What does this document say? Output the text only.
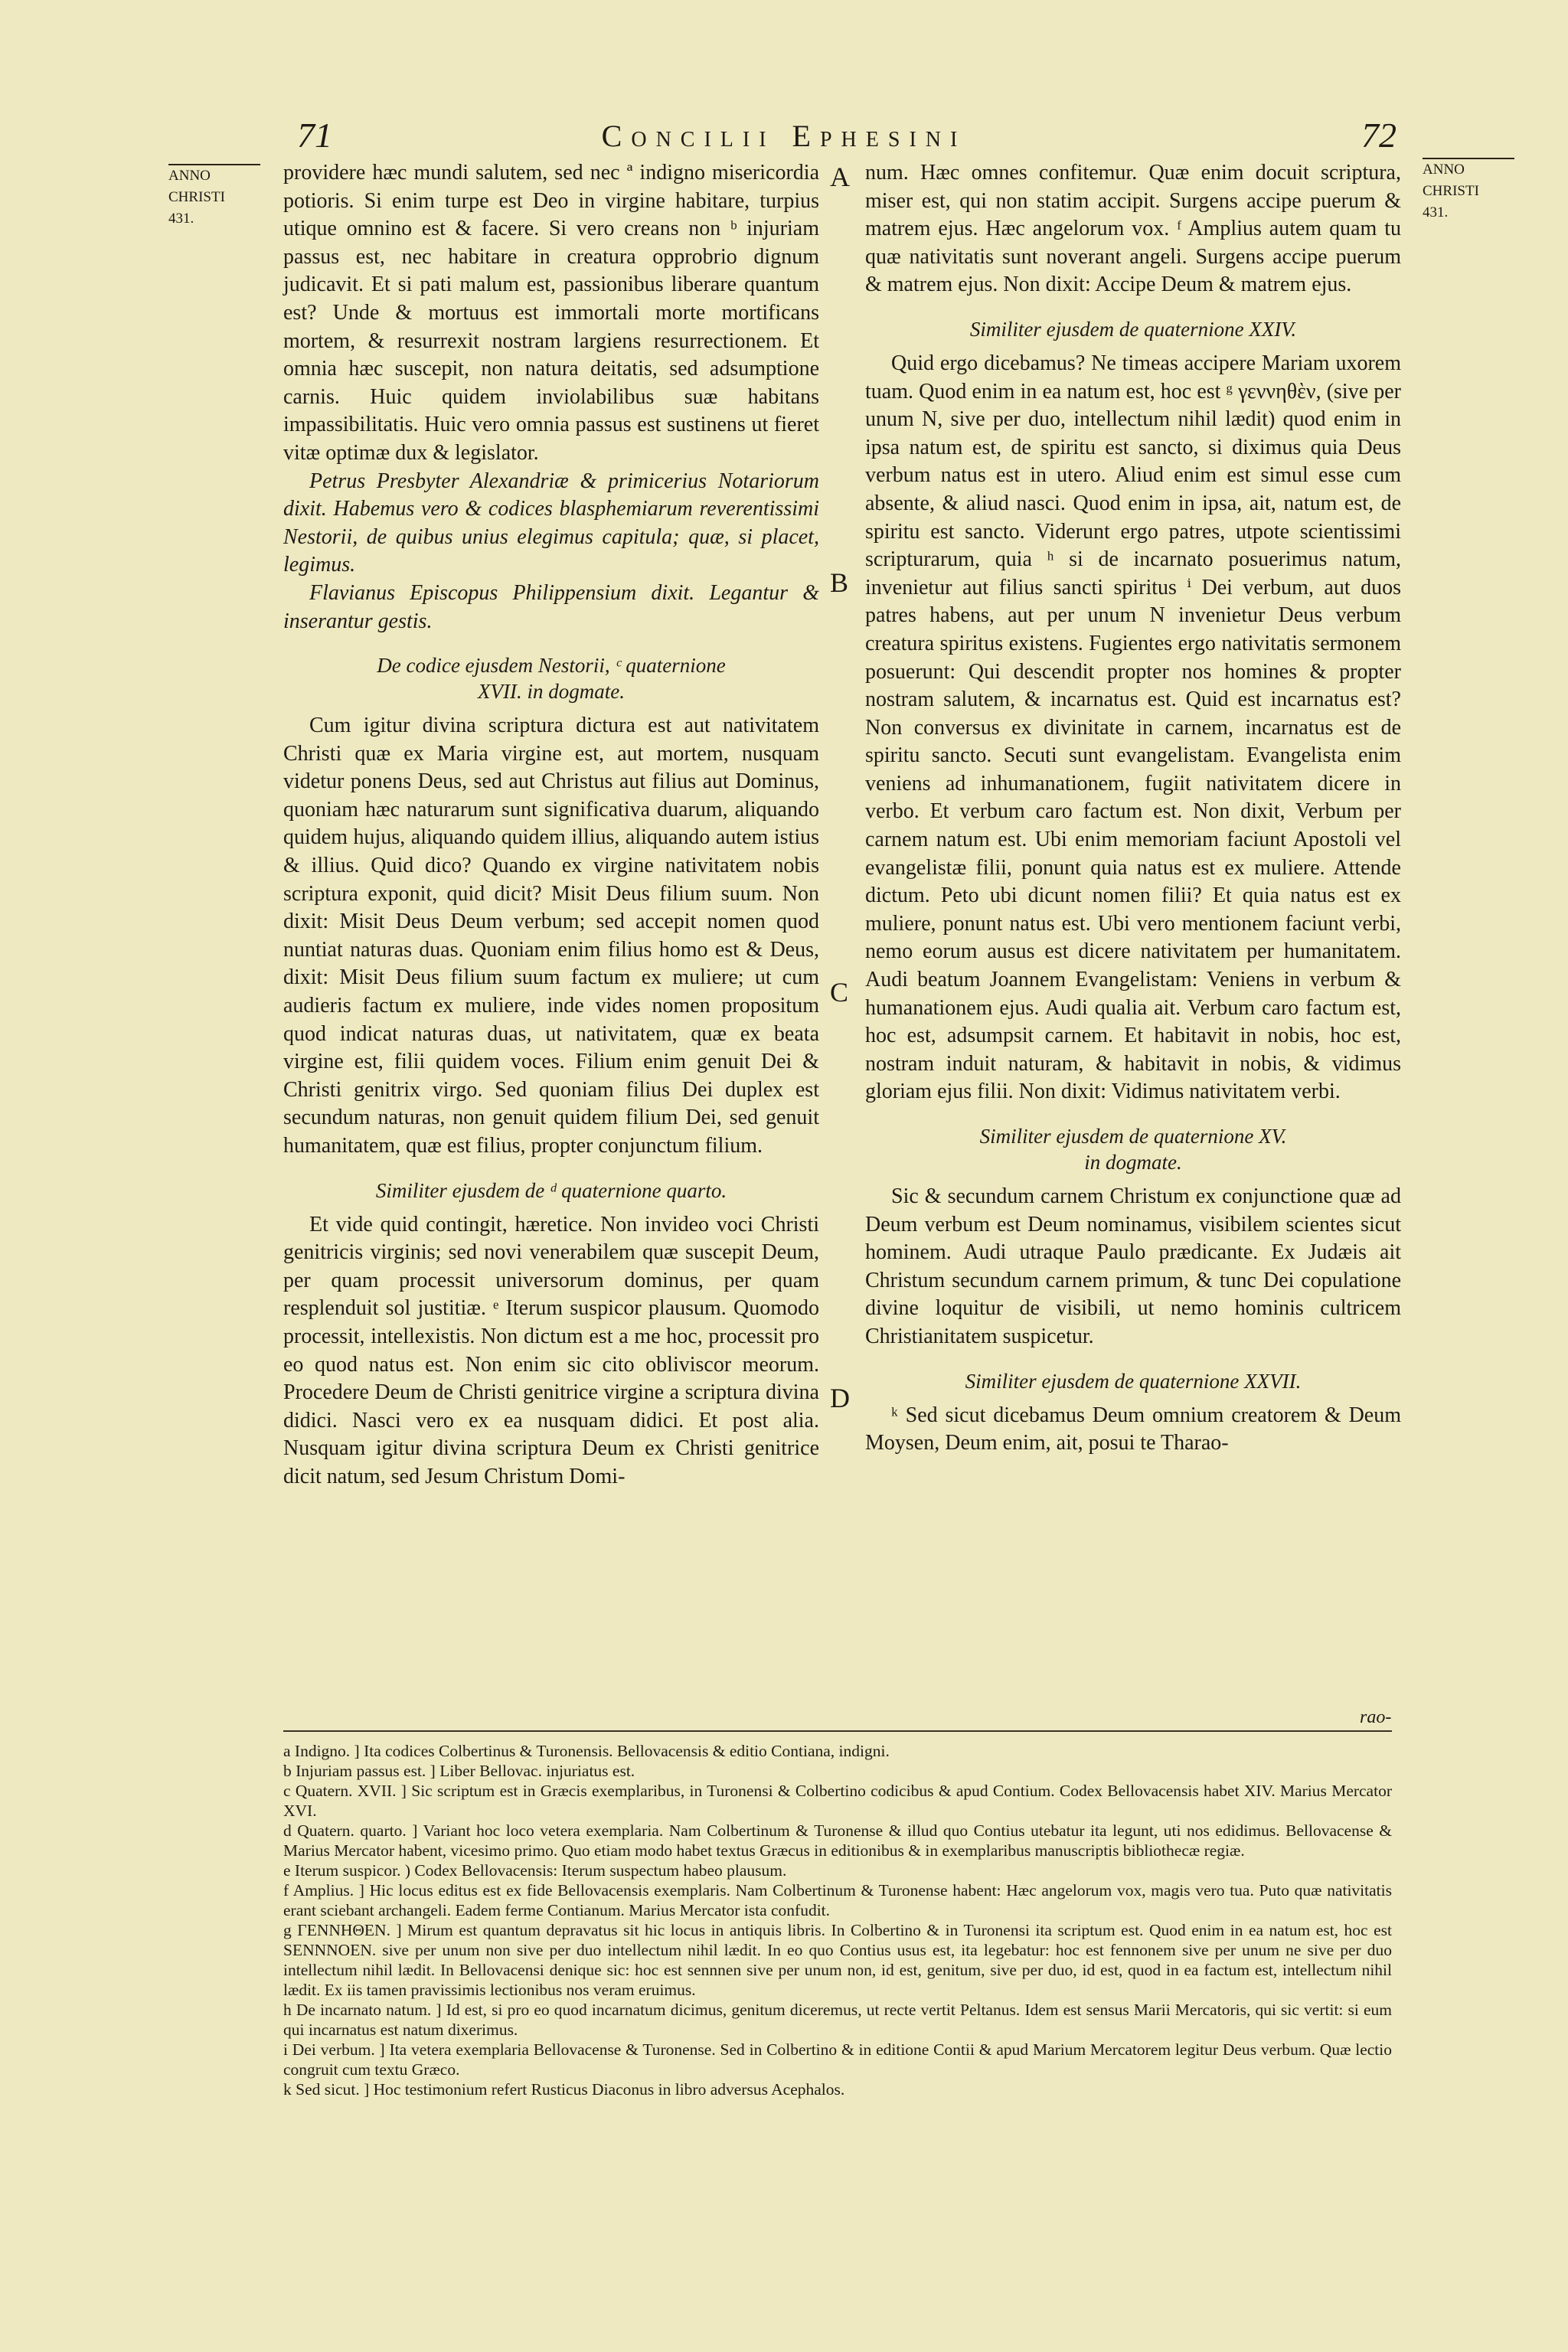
71	Concilii Ephesini	72
ANNO
CHRISTI
431.
ANNO
CHRISTI
431.
A
B
C
D

providere hæc mundi salutem, sed nec ª indigno misericordia potioris. Si enim turpe est Deo in virgine habitare, turpius utique omnino est & facere. Si vero creans non ᵇ injuriam passus est, nec habitare in creatura opprobrio dignum judicavit. Et si pati malum est, passionibus liberare quantum est? Unde & mortuus est immortali morte mortificans mortem, & resurrexit nostram largiens resurrectionem. Et omnia hæc suscepit, non natura deitatis, sed adsumptione carnis. Huic quidem inviolabilibus suæ habitans impassibilitatis. Huic vero omnia passus est sustinens ut fieret vitæ optimæ dux & legislator.

Petrus Presbyter Alexandriæ & primicerius Notariorum dixit. Habemus vero & codices blasphemiarum reverentissimi Nestorii, de quibus unius elegimus capitula; quæ, si placet, legimus.

Flavianus Episcopus Philippensium dixit. Legantur & inserantur gestis.

De codice ejusdem Nestorii, ᶜ quaternione
XVII. in dogmate.

Cum igitur divina scriptura dictura est aut nativitatem Christi quæ ex Maria virgine est, aut mortem, nusquam videtur ponens Deus, sed aut Christus aut filius aut Dominus, quoniam hæc naturarum sunt significativa duarum, aliquando quidem hujus, aliquando quidem illius, aliquando autem istius & illius. Quid dico? Quando ex virgine nativitatem nobis scriptura exponit, quid dicit? Misit Deus filium suum. Non dixit: Misit Deus Deum verbum; sed accepit nomen quod nuntiat naturas duas. Quoniam enim filius homo est & Deus, dixit: Misit Deus filium suum factum ex muliere; ut cum audieris factum ex muliere, inde vides nomen propositum quod indicat naturas duas, ut nativitatem, quæ ex beata virgine est, filii quidem voces. Filium enim genuit Dei & Christi genitrix virgo. Sed quoniam filius Dei duplex est secundum naturas, non genuit quidem filium Dei, sed genuit humanitatem, quæ est filius, propter conjunctum filium.

Similiter ejusdem de ᵈ quaternione quarto.

Et vide quid contingit, hæretice. Non invideo voci Christi genitricis virginis; sed novi venerabilem quæ suscepit Deum, per quam processit universorum dominus, per quam resplenduit sol justitiæ. ᵉ Iterum suspicor plausum. Quomodo processit, intellexistis. Non dictum est a me hoc, processit pro eo quod natus est. Non enim sic cito obliviscor meorum. Procedere Deum de Christi genitrice virgine a scriptura divina didici. Nasci vero ex ea nusquam didici. Et post alia. Nusquam igitur divina scriptura Deum ex Christi genitrice dicit natum, sed Jesum Christum Domi-

num. Hæc omnes confitemur. Quæ enim docuit scriptura, miser est, qui non statim accipit. Surgens accipe puerum & matrem ejus. Hæc angelorum vox. ᶠ Amplius autem quam tu quæ nativitatis sunt noverant angeli. Surgens accipe puerum & matrem ejus. Non dixit: Accipe Deum & matrem ejus.

Similiter ejusdem de quaternione XXIV.

Quid ergo dicebamus? Ne timeas accipere Mariam uxorem tuam. Quod enim in ea natum est, hoc est ᵍ γεννηθὲν, (sive per unum N, sive per duo, intellectum nihil lædit) quod enim in ipsa natum est, de spiritu est sancto, si diximus quia Deus verbum natus est in utero. Aliud enim est simul esse cum absente, & aliud nasci. Quod enim in ipsa, ait, natum est, de spiritu est sancto. Viderunt ergo patres, utpote scientissimi scripturarum, quia ʰ si de incarnato posuerimus natum, invenietur aut filius sancti spiritus ⁱ Dei verbum, aut duos patres habens, aut per unum N invenietur Deus verbum creatura spiritus existens. Fugientes ergo nativitatis sermonem posuerunt: Qui descendit propter nos homines & propter nostram salutem, & incarnatus est. Quid est incarnatus est? Non conversus ex divinitate in carnem, incarnatus est de spiritu sancto. Secuti sunt evangelistam. Evangelista enim veniens ad inhumanationem, fugiit nativitatem dicere in verbo. Et verbum caro factum est. Non dixit, Verbum per carnem natum est. Ubi enim memoriam faciunt Apostoli vel evangelistæ filii, ponunt quia natus est ex muliere. Attende dictum. Peto ubi dicunt nomen filii? Et quia natus est ex muliere, ponunt natus est. Ubi vero mentionem faciunt verbi, nemo eorum ausus est dicere nativitatem per humanitatem. Audi beatum Joannem Evangelistam: Veniens in verbum & humanationem ejus. Audi qualia ait. Verbum caro factum est, hoc est, adsumpsit carnem. Et habitavit in nobis, hoc est, nostram induit naturam, & habitavit in nobis, & vidimus gloriam ejus filii. Non dixit: Vidimus nativitatem verbi.

Similiter ejusdem de quaternione XV.
in dogmate.

Sic & secundum carnem Christum ex conjunctione quæ ad Deum verbum est Deum nominamus, visibilem scientes sicut hominem. Audi utraque Paulo prædicante. Ex Judæis ait Christum secundum carnem primum, & tunc Dei copulatione divine loquitur de visibili, ut nemo hominis cultricem Christianitatem suspicetur.

Similiter ejusdem de quaternione XXVII.

ᵏ Sed sicut dicebamus Deum omnium creatorem & Deum Moysen, Deum enim, ait, posui te Tharao-

rao-

a Indigno. ] Ita codices Colbertinus & Turonensis. Bellovacensis & editio Contiana, indigni.

b Injuriam passus est. ] Liber Bellovac. injuriatus est.

c Quatern. XVII. ] Sic scriptum est in Græcis exemplaribus, in Turonensi & Colbertino codicibus & apud Contium. Codex Bellovacensis habet XIV. Marius Mercator XVI.

d Quatern. quarto. ] Variant hoc loco vetera exemplaria. Nam Colbertinum & Turonense & illud quo Contius utebatur ita legunt, uti nos edidimus. Bellovacense & Marius Mercator habent, vicesimo primo. Quo etiam modo habet textus Græcus in editionibus & in exemplaribus manuscriptis bibliothecæ regiæ.

e Iterum suspicor. ) Codex Bellovacensis: Iterum suspectum habeo plausum.

f Amplius. ] Hic locus editus est ex fide Bellovacensis exemplaris. Nam Colbertinum & Turonense habent: Hæc angelorum vox, magis vero tua. Puto quæ nativitatis erant sciebant archangeli. Eadem ferme Contianum. Marius Mercator ista confudit.

g ΓΕΝΝΗΘΕΝ. ] Mirum est quantum depravatus sit hic locus in antiquis libris. In Colbertino & in Turonensi ita scriptum est. Quod enim in ea natum est, hoc est SENNNOEN. sive per unum non sive per duo intellectum nihil lædit. In eo quo Contius usus est, ita legebatur: hoc est fennonem sive per unum ne sive per duo intellectum nihil lædit. In Bellovacensi denique sic: hoc est sennnen sive per unum non, id est, genitum, sive per duo, id est, quod in ea factum est, intellectum nihil lædit. Ex iis tamen pravissimis lectionibus nos veram eruimus.

h De incarnato natum. ] Id est, si pro eo quod incarnatum dicimus, genitum diceremus, ut recte vertit Peltanus. Idem est sensus Marii Mercatoris, qui sic vertit: si eum qui incarnatus est natum dixerimus.

i Dei verbum. ] Ita vetera exemplaria Bellovacense & Turonense. Sed in Colbertino & in editione Contii & apud Marium Mercatorem legitur Deus verbum. Quæ lectio congruit cum textu Græco.

k Sed sicut. ] Hoc testimonium refert Rusticus Diaconus in libro adversus Acephalos.
